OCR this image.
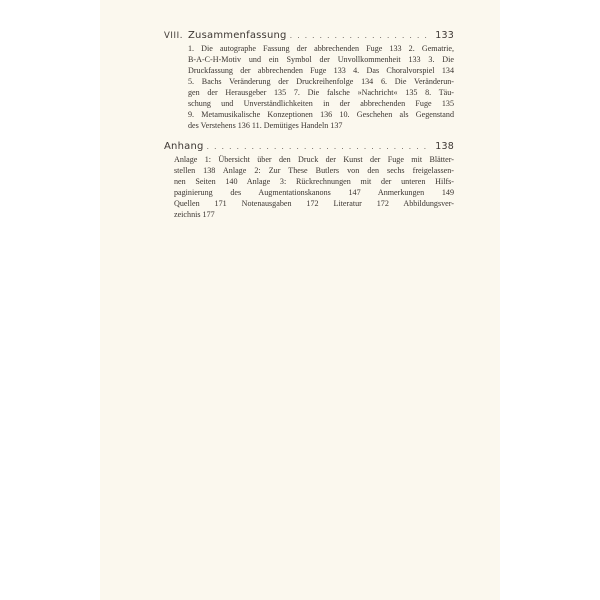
VIII. Zusammenfassung . . .	133
1. Die autographe Fassung der abbrechenden Fuge 133 2. Gematrie,
B-A-C-H-Motiv und ein Symbol der Unvollkommenheit 133 3. Die
Druckfassung der abbrechenden Fuge 133 4. Das Choralvorspiel 134
5. Bachs Veränderung der Druckreihenfolge 134 6. Die Veränderun-
gen der Herausgeber 135 7. Die falsche »Nachricht« 135 8. Täu-
schung und Unverständlichkeiten in der abbrechenden Fuge 135
9. Metamusikalische Konzeptionen 136 10. Geschehen als Gegenstand
des Verstehens 136 11. Demütiges Handeln 137
Anhang . . .	138
Anlage 1: Übersicht über den Druck der Kunst der Fuge mit Blätter-
stellen 138 Anlage 2: Zur These Butlers von den sechs freigelassen-
nen Seiten 140 Anlage 3: Rückrechnungen mit der unteren Hilfs-
paginierung des Augmentationskanons 147 Anmerkungen 149
Quellen 171 Notenausgaben 172 Literatur 172 Abbildungsver-
zeichnis 177
